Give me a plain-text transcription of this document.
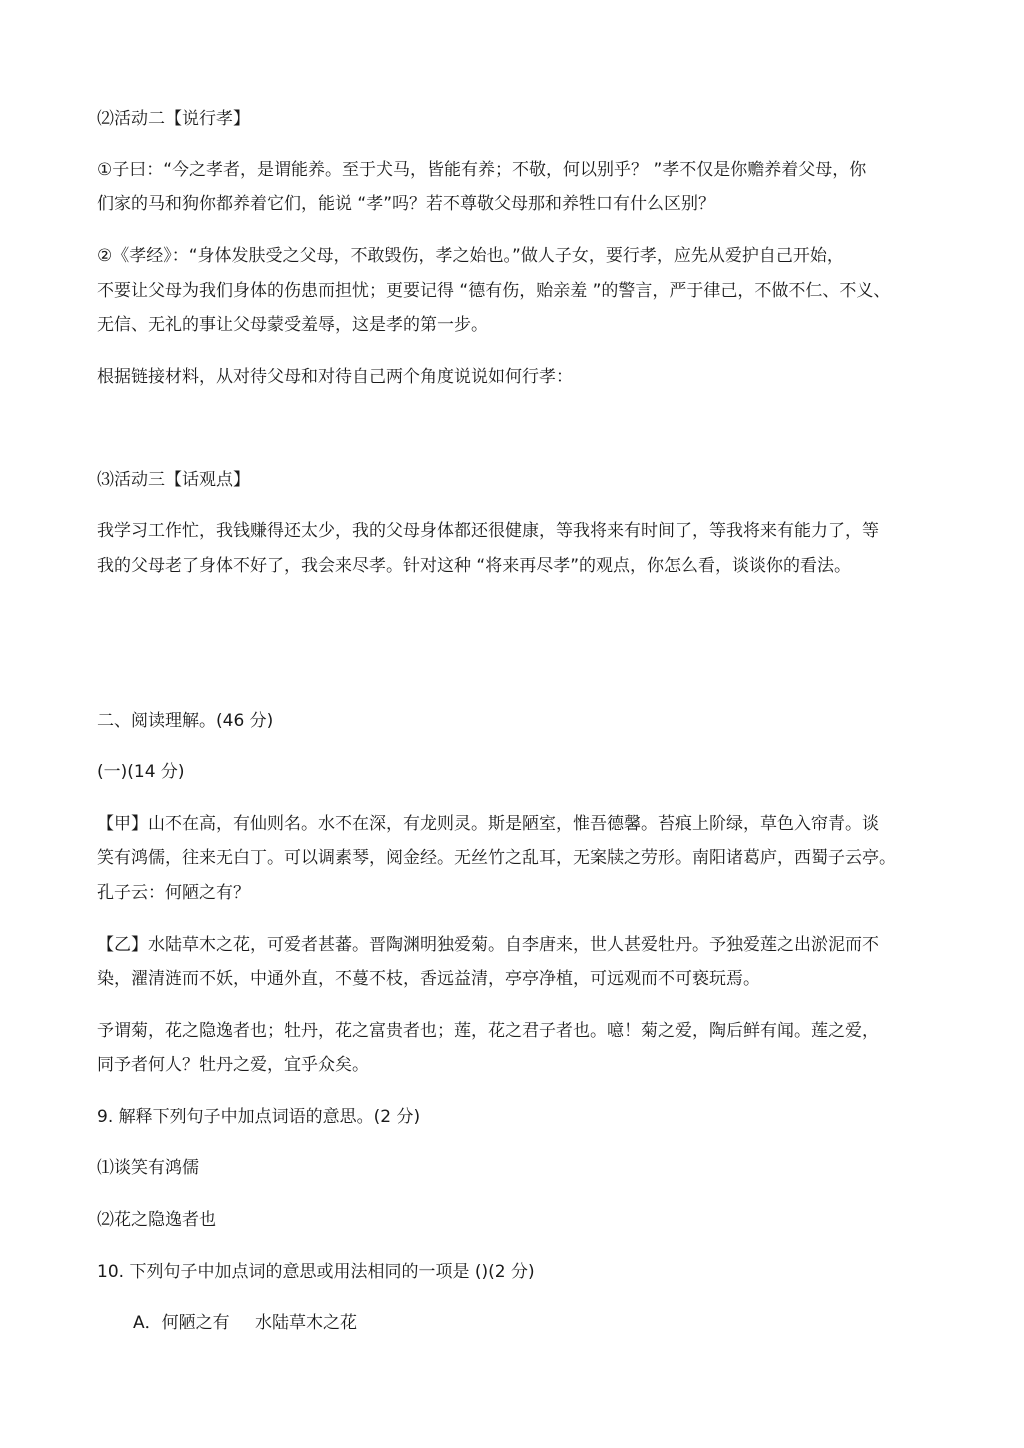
⑵活动二【说行孝】
①子曰：“今之孝者，是谓能养。至于犬马，皆能有养；不敬，何以别乎？ ”孝不仅是你赡养着父母，你
们家的马和狗你都养着它们，能说 “孝”吗？若不尊敬父母那和养牲口有什么区别？
②《孝经》：“身体发肤受之父母，不敢毁伤，孝之始也。”做人子女，要行孝，应先从爱护自己开始，
不要让父母为我们身体的伤患而担忧；更要记得 “德有伤，贻亲羞 ”的警言，严于律己，不做不仁、不义、
无信、无礼的事让父母蒙受羞辱，这是孝的第一步。
根据链接材料，从对待父母和对待自己两个角度说说如何行孝：
⑶活动三【话观点】
我学习工作忙，我钱赚得还太少，我的父母身体都还很健康，等我将来有时间了，等我将来有能力了，等
我的父母老了身体不好了，我会来尽孝。针对这种 “将来再尽孝”的观点，你怎么看，谈谈你的看法。
二、阅读理解。(46 分)
(一)(14 分)
【甲】山不在高，有仙则名。水不在深，有龙则灵。斯是陋室，惟吾德馨。苔痕上阶绿，草色入帘青。谈
笑有鸿儒，往来无白丁。可以调素琴，阅金经。无丝竹之乱耳，无案牍之劳形。南阳诸葛庐，西蜀子云亭。
孔子云：何陋之有？
【乙】水陆草木之花，可爱者甚蕃。晋陶渊明独爱菊。自李唐来，世人甚爱牡丹。予独爱莲之出淤泥而不
染，濯清涟而不妖，中通外直，不蔓不枝，香远益清，亭亭净植，可远观而不可亵玩焉。
予谓菊，花之隐逸者也；牡丹，花之富贵者也；莲，花之君子者也。噫！菊之爱，陶后鲜有闻。莲之爱，
同予者何人？牡丹之爱，宜乎众矣。
9. 解释下列句子中加点词语的意思。(2 分)
⑴谈笑有鸿儒
⑵花之隐逸者也
10. 下列句子中加点词的意思或用法相同的一项是 ()(2 分)
A．何陋之有 水陆草木之花
